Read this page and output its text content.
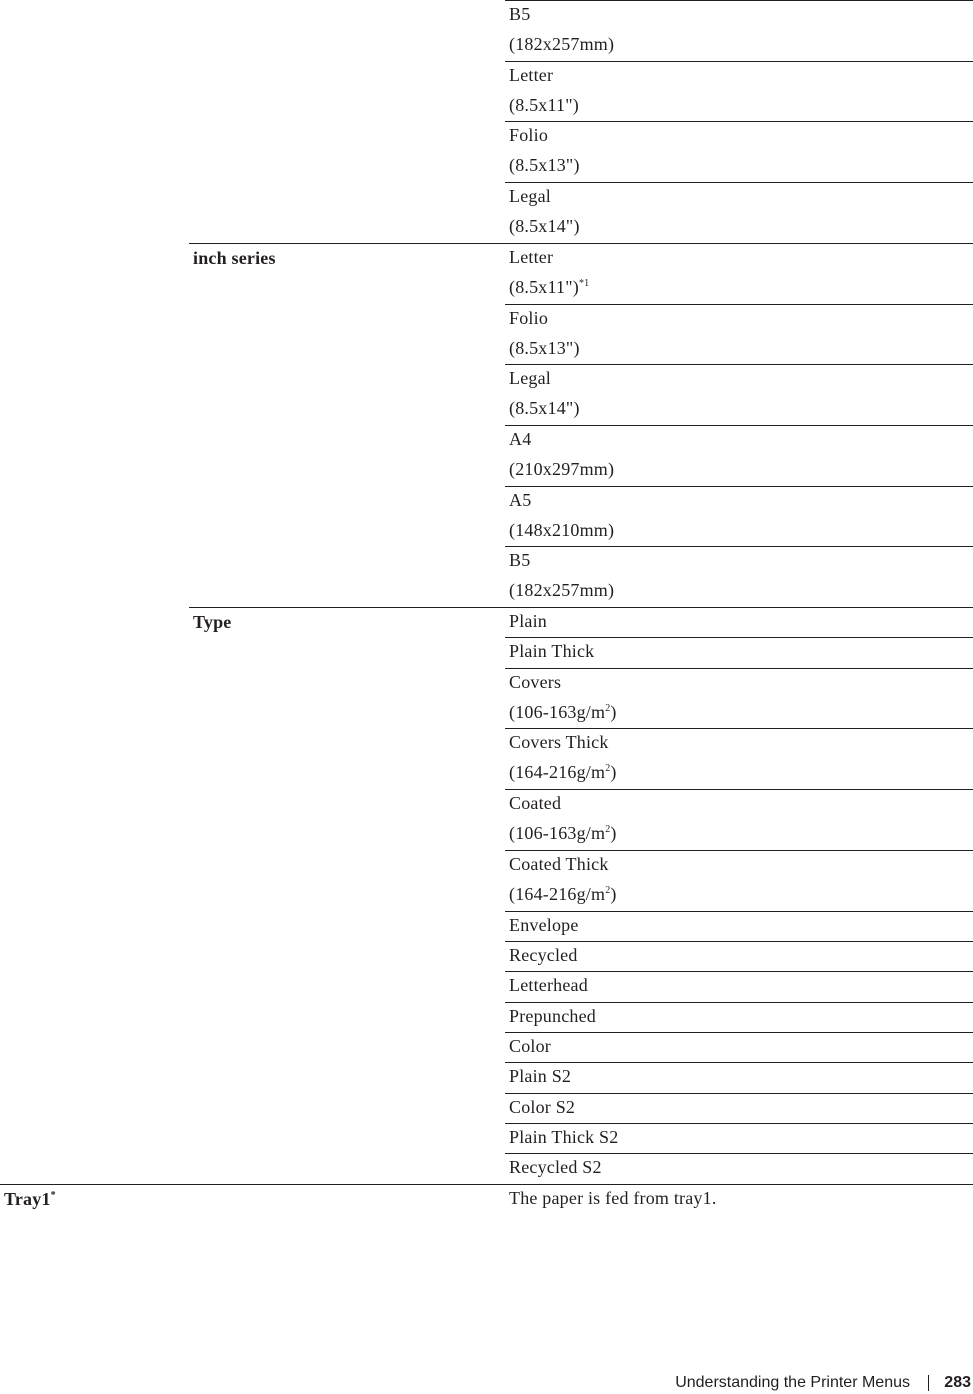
B5
(182x257mm)
Letter
(8.5x11")
Folio
(8.5x13")
Legal
(8.5x14")
inch series	Letter
(8.5x11")$^{*1}$
Folio
(8.5x13")
Legal
(8.5x14")
A4
(210x297mm)
A5
(148x210mm)
B5
(182x257mm)
Type	Plain
Plain Thick
Covers
$(106-163g/m^2)$
Covers Thick
$(164-216g/m^2)$
Coated
$(106-163g/m^2)$
Coated Thick
$(164-216g/m^2)$
Envelope
Recycled
Letterhead
Prepunched
Color
Plain S2
Color S2
Plain Thick S2
Recycled S2
Tray1*	The paper is fed from tray1.
Understanding the Printer Menus 283
